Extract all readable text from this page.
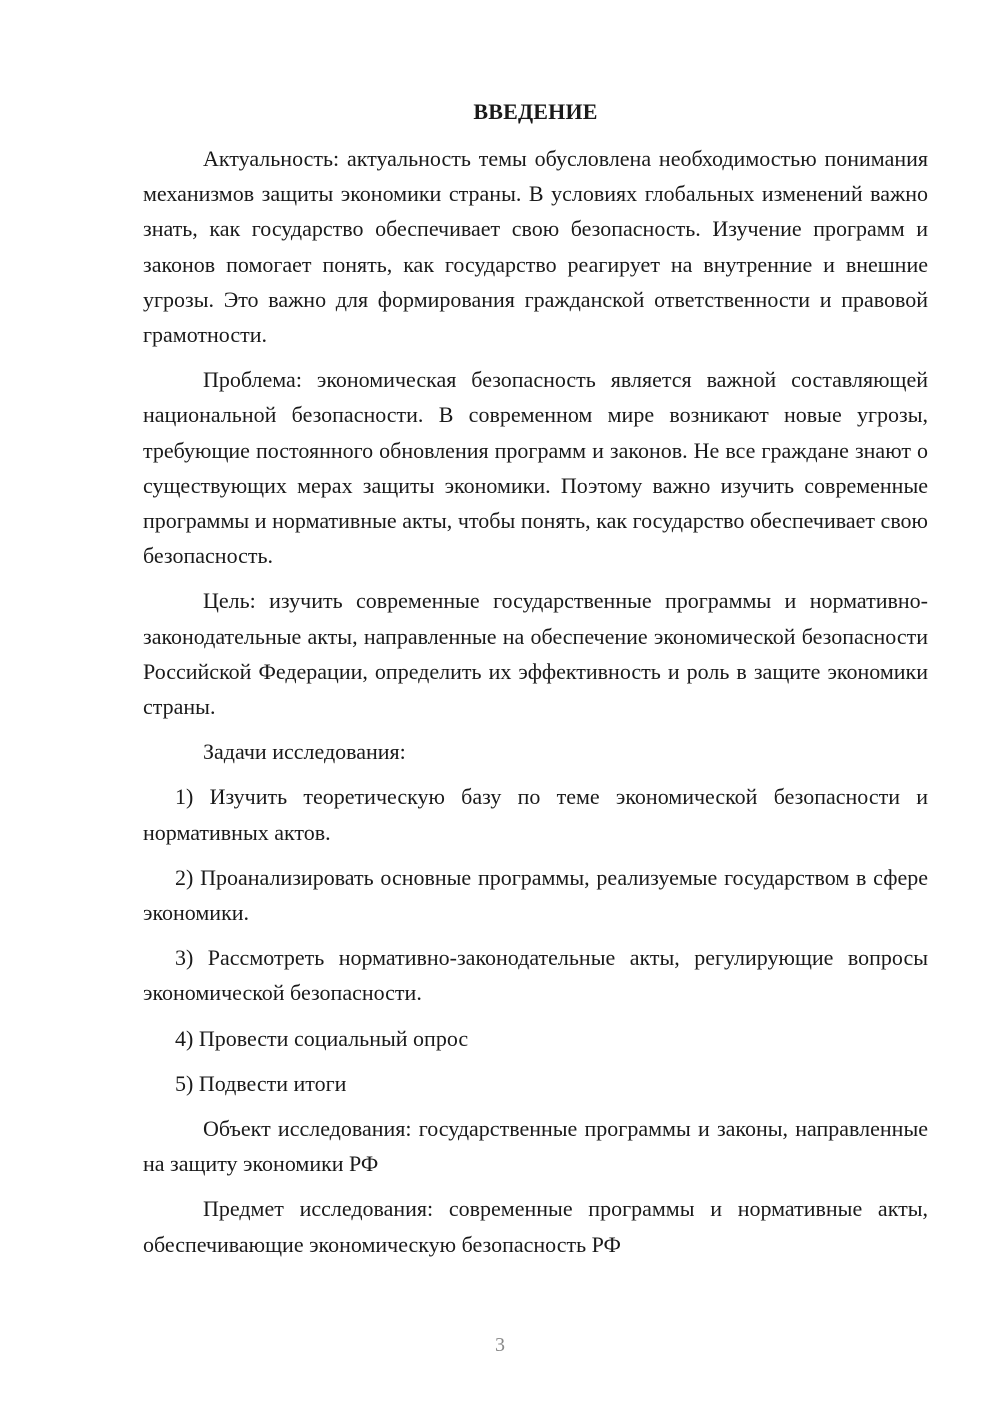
ВВЕДЕНИЕ

Актуальность: актуальность темы обусловлена необходимостью понимания механизмов защиты экономики страны. В условиях глобальных изменений важно знать, как государство обеспечивает свою безопасность. Изучение программ и законов помогает понять, как государство реагирует на внутренние и внешние угрозы. Это важно для формирования гражданской ответственности и правовой грамотности.

Проблема: экономическая безопасность является важной составляющей национальной безопасности. В современном мире возникают новые угрозы, требующие постоянного обновления программ и законов. Не все граждане знают о существующих мерах защиты экономики. Поэтому важно изучить современные программы и нормативные акты, чтобы понять, как государство обеспечивает свою безопасность.

Цель: изучить современные государственные программы и нормативно-законодательные акты, направленные на обеспечение экономической безопасности Российской Федерации, определить их эффективность и роль в защите экономики страны.

Задачи исследования:

1) Изучить теоретическую базу по теме экономической безопасности и нормативных актов.

2) Проанализировать основные программы, реализуемые государством в сфере экономики.

3) Рассмотреть нормативно-законодательные акты, регулирующие вопросы экономической безопасности.

4) Провести социальный опрос

5) Подвести итоги

Объект исследования: государственные программы и законы, направленные на защиту экономики РФ

Предмет исследования: современные программы и нормативные акты, обеспечивающие экономическую безопасность РФ

3
